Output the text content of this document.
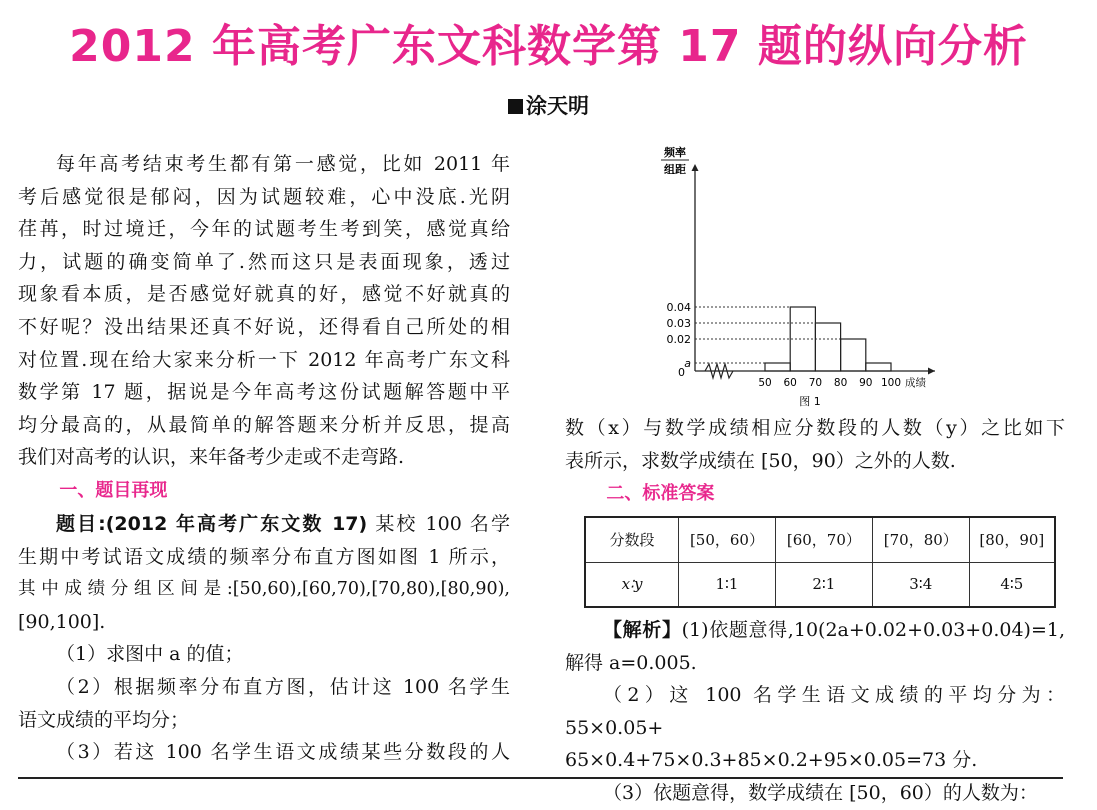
2012 年高考广东文科数学第 17 题的纵向分析
涂天明
每年高考结束考生都有第一感觉，比如 2011 年
考后感觉很是郁闷，因为试题较难，心中没底.光阴
荏苒，时过境迁，今年的试题考生考到笑，感觉真给
力，试题的确变简单了.然而这只是表面现象，透过
现象看本质，是否感觉好就真的好，感觉不好就真的
不好呢？没出结果还真不好说，还得看自己所处的相
对位置.现在给大家来分析一下 2012 年高考广东文科
数学第 17 题，据说是今年高考这份试题解答题中平
均分最高的，从最简单的解答题来分析并反思，提高
我们对高考的认识，来年备考少走或不走弯路.
一、题目再现
题目:(2012 年高考广东文数 17) 某校 100 名学
生期中考试语文成绩的频率分布直方图如图 1 所示，
其中成绩分组区间是:[50,60),[60,70),[70,80),[80,90),
[90,100].
（1）求图中 a 的值；
（2）根据频率分布直方图，估计这 100 名学生
语文成绩的平均分；
（3）若这 100 名学生语文成绩某些分数段的人
a
0.02
0.03
0.04
50 60 70 80 90 100 成绩
0
频率
组距
图 1
数（x）与数学成绩相应分数段的人数（y）之比如下
表所示，求数学成绩在 [50，90）之外的人数.
二、标准答案
分数段	[50，60）	[60，70）	[70，80）	[80，90]
x∶y	1∶1	2∶1	3∶4	4∶5
【解析】(1)依题意得,10(2a+0.02+0.03+0.04)=1,
解得 a=0.005.
（2）这 100 名学生语文成绩的平均分为：55×0.05+
65×0.4+75×0.3+85×0.2+95×0.05=73 分.
（3）依题意得，数学成绩在 [50，60）的人数为：
